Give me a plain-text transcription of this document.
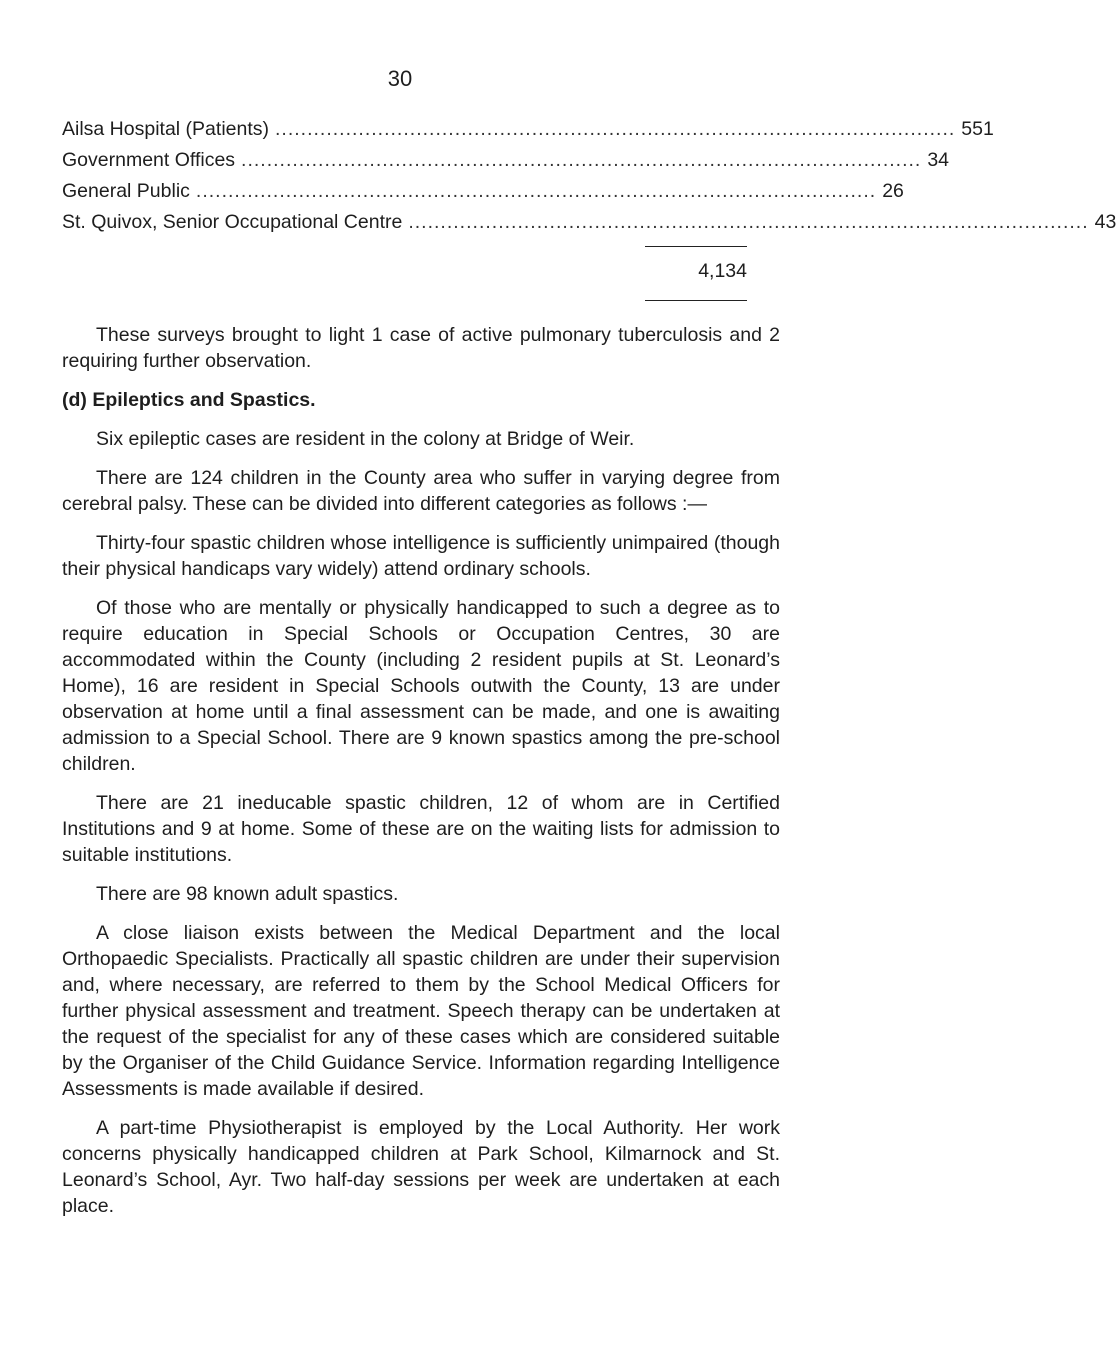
30
Ailsa Hospital (Patients) .......................................................................................................... 551
Government Offices .......................................................................................................... 34
General Public .......................................................................................................... 26
St. Quivox, Senior Occupational Centre .......................................................................................................... 43
4,134

These surveys brought to light 1 case of active pulmonary tuberculosis and 2 requiring further observation.

(d) Epileptics and Spastics.

Six epileptic cases are resident in the colony at Bridge of Weir.

There are 124 children in the County area who suffer in varying degree from cerebral palsy. These can be divided into different categories as follows :—

Thirty-four spastic children whose intelligence is sufficiently unimpaired (though their physical handicaps vary widely) attend ordinary schools.

Of those who are mentally or physically handicapped to such a degree as to require education in Special Schools or Occupation Centres, 30 are accommodated within the County (including 2 resident pupils at St. Leonard’s Home), 16 are resident in Special Schools outwith the County, 13 are under observation at home until a final assessment can be made, and one is awaiting admission to a Special School. There are 9 known spastics among the pre-school children.

There are 21 ineducable spastic children, 12 of whom are in Certified Institutions and 9 at home. Some of these are on the waiting lists for admission to suitable institutions.

There are 98 known adult spastics.

A close liaison exists between the Medical Department and the local Orthopaedic Specialists. Practically all spastic children are under their supervision and, where necessary, are referred to them by the School Medical Officers for further physical assessment and treatment. Speech therapy can be undertaken at the request of the specialist for any of these cases which are considered suitable by the Organiser of the Child Guidance Service. Information regarding Intelligence Assessments is made available if desired.

A part-time Physiotherapist is employed by the Local Authority. Her work concerns physically handicapped children at Park School, Kilmarnock and St. Leonard’s School, Ayr. Two half-day sessions per week are undertaken at each place.
